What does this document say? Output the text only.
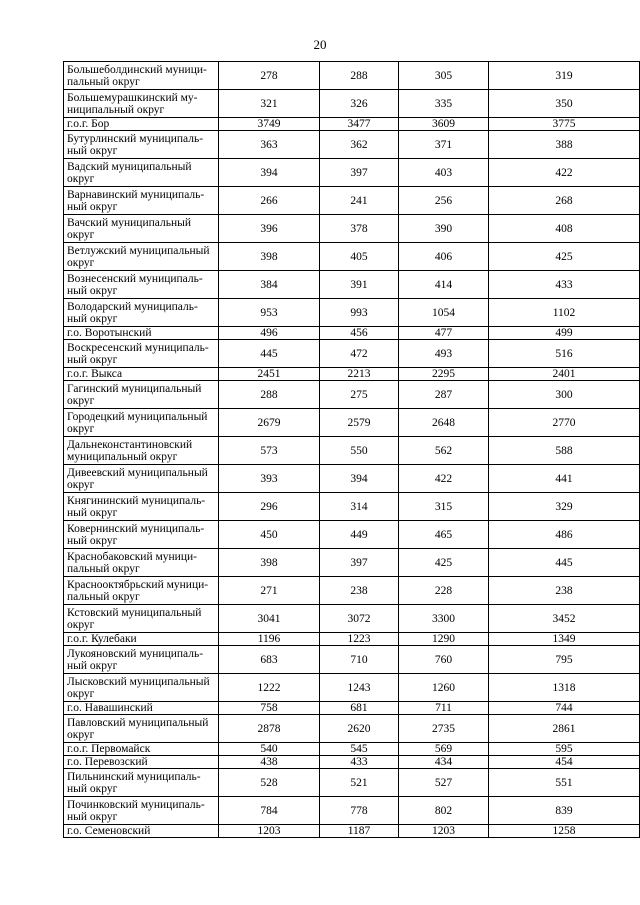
20
Большеболдинский муници-
пальный округ	278	288	305	319
Большемурашкинский му-
ниципальный округ	321	326	335	350
г.о.г. Бор	3749	3477	3609	3775
Бутурлинский муниципаль-
ный округ	363	362	371	388
Вадский муниципальный
округ	394	397	403	422
Варнавинский муниципаль-
ный округ	266	241	256	268
Вачский муниципальный
округ	396	378	390	408
Ветлужский муниципальный
округ	398	405	406	425
Вознесенский муниципаль-
ный округ	384	391	414	433
Володарский муниципаль-
ный округ	953	993	1054	1102
г.о. Воротынский	496	456	477	499
Воскресенский муниципаль-
ный округ	445	472	493	516
г.о.г. Выкса	2451	2213	2295	2401
Гагинский муниципальный
округ	288	275	287	300
Городецкий муниципальный
округ	2679	2579	2648	2770
Дальнеконстантиновский
муниципальный округ	573	550	562	588
Дивеевский муниципальный
округ	393	394	422	441
Княгининский муниципаль-
ный округ	296	314	315	329
Ковернинский муниципаль-
ный округ	450	449	465	486
Краснобаковский муници-
пальный округ	398	397	425	445
Краснооктябрьский муници-
пальный округ	271	238	228	238
Кстовский муниципальный
округ	3041	3072	3300	3452
г.о.г. Кулебаки	1196	1223	1290	1349
Лукояновский муниципаль-
ный округ	683	710	760	795
Лысковский муниципальный
округ	1222	1243	1260	1318
г.о. Навашинский	758	681	711	744
Павловский муниципальный
округ	2878	2620	2735	2861
г.о.г. Первомайск	540	545	569	595
г.о. Перевозский	438	433	434	454
Пильнинский муниципаль-
ный округ	528	521	527	551
Починковский муниципаль-
ный округ	784	778	802	839
г.о. Семеновский	1203	1187	1203	1258
